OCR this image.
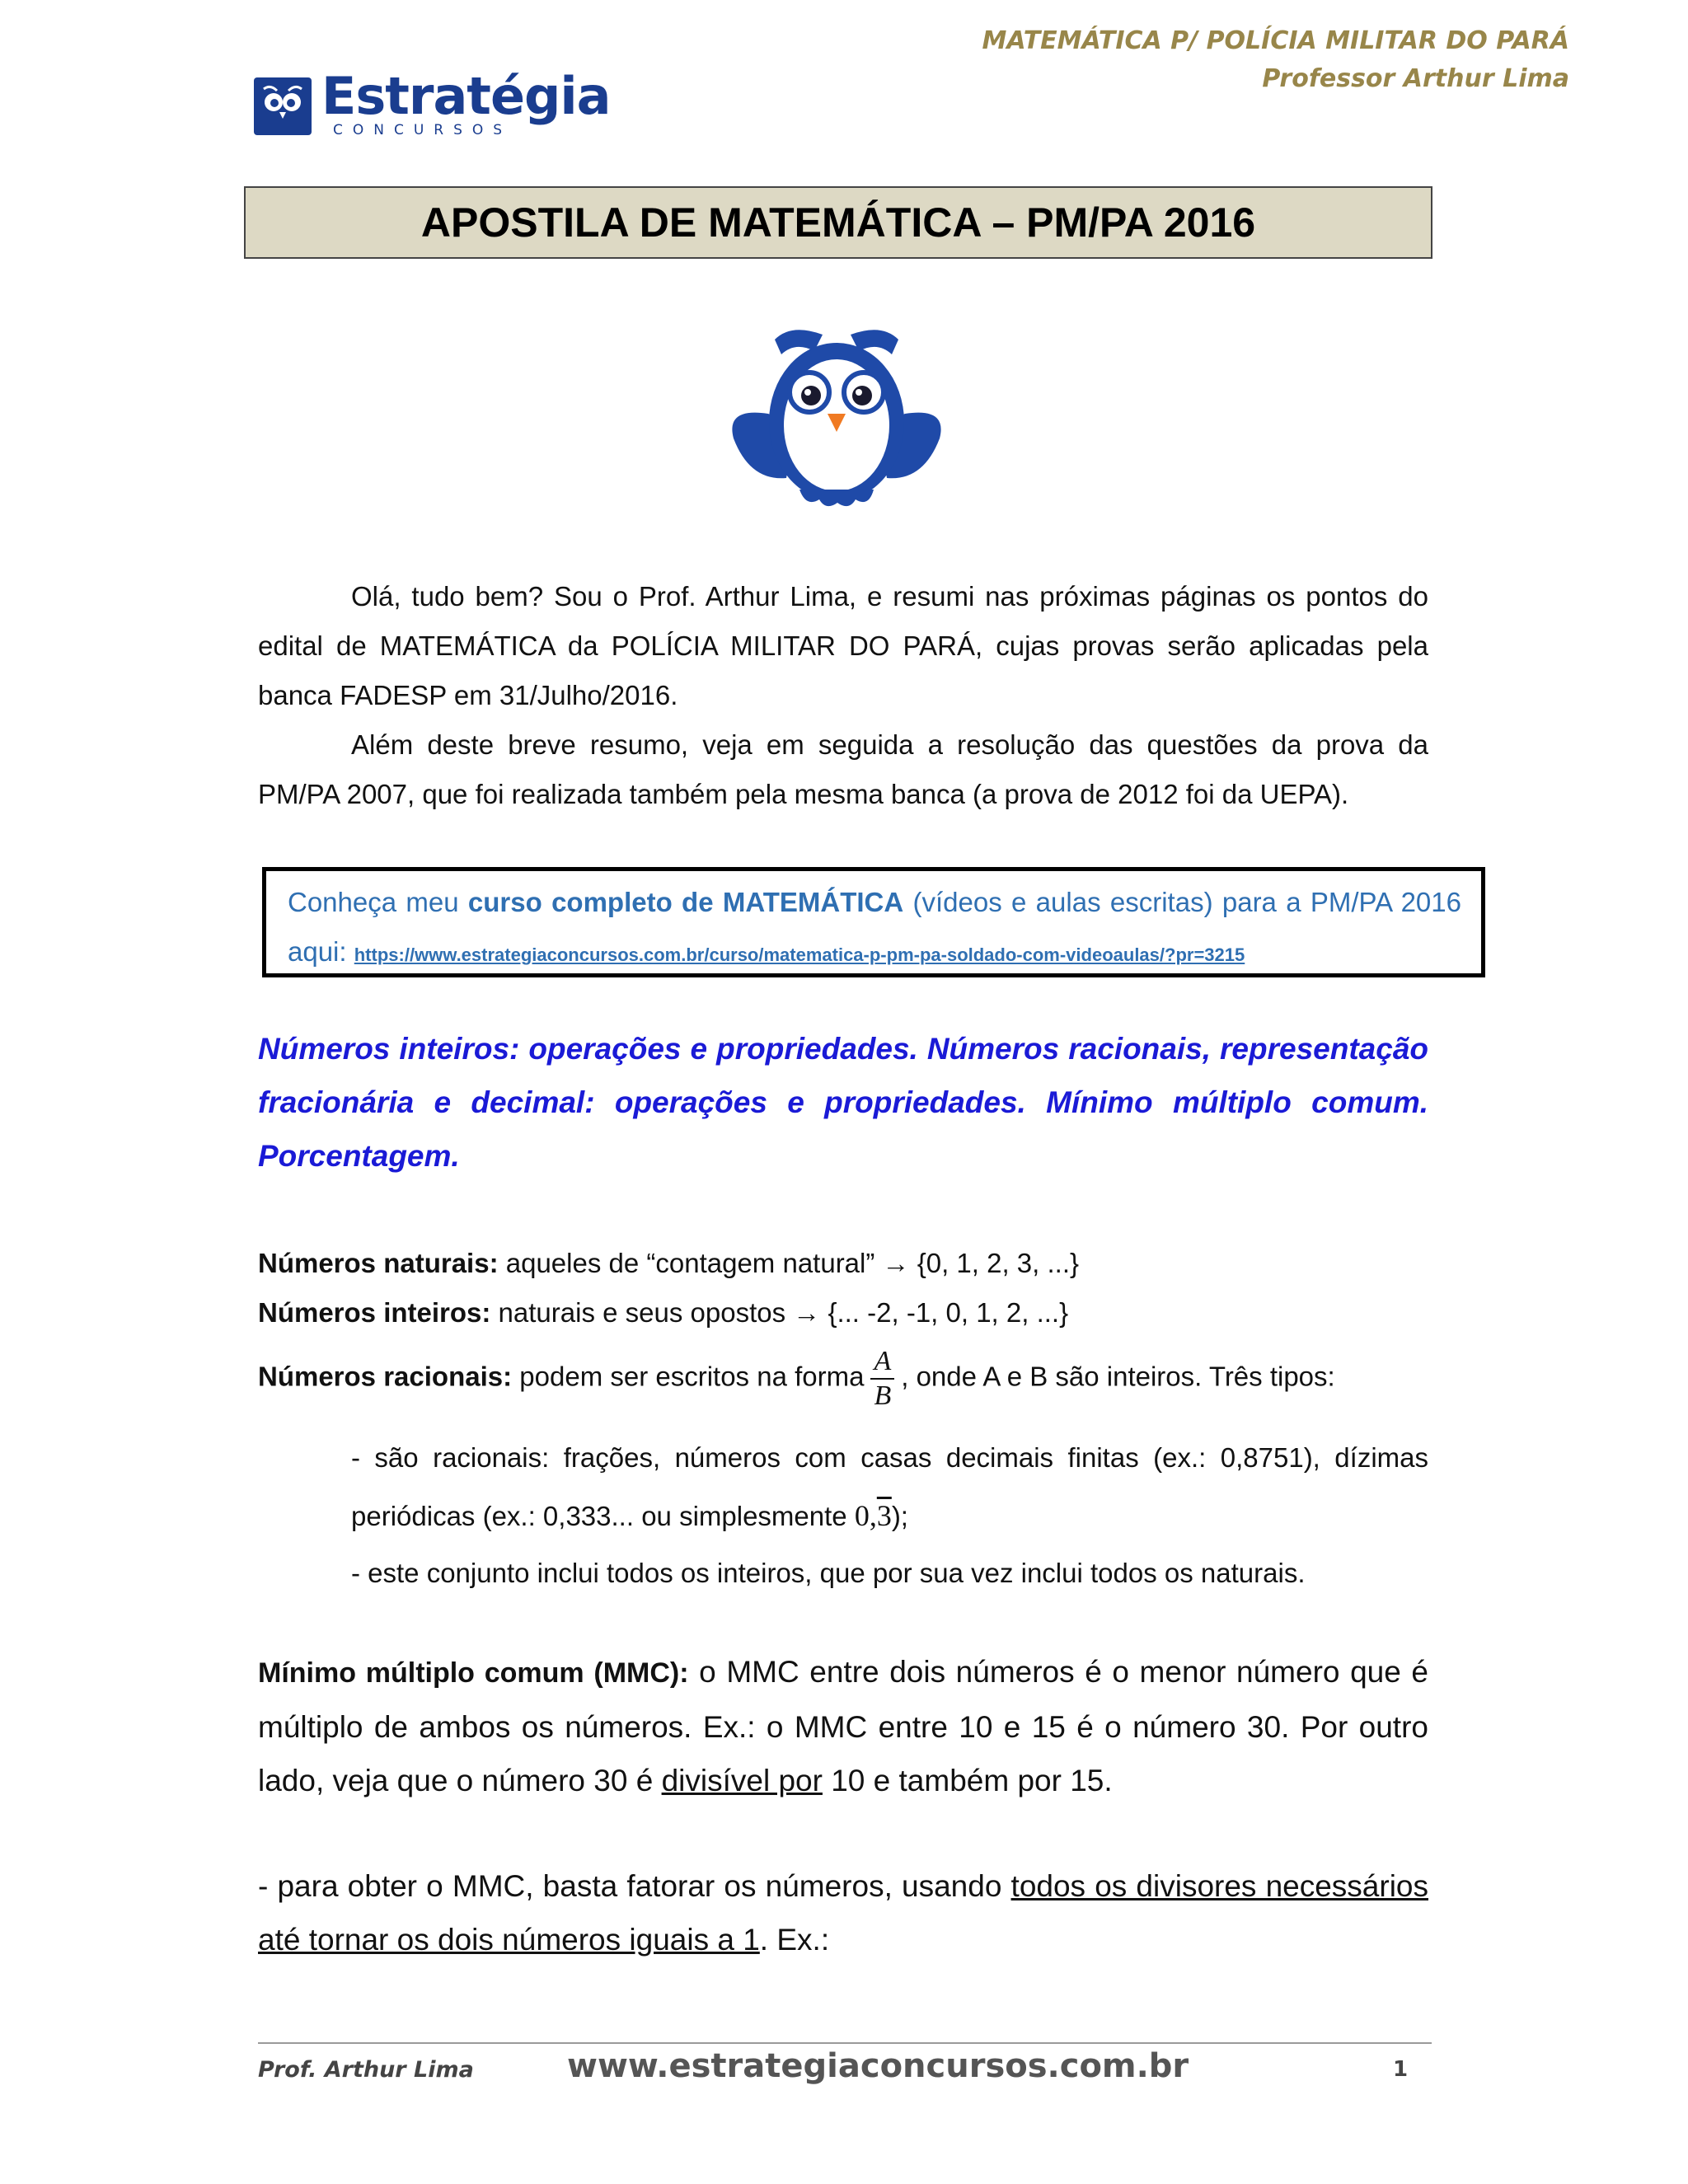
MATEMÁTICA P/ POLÍCIA MILITAR DO PARÁ
Professor Arthur Lima
Estratégia
CONCURSOS
APOSTILA DE MATEMÁTICA – PM/PA 2016
Olá, tudo bem? Sou o Prof. Arthur Lima, e resumi nas próximas páginas os pontos do edital de MATEMÁTICA da POLÍCIA MILITAR DO PARÁ, cujas provas serão aplicadas pela banca FADESP em 31/Julho/2016.
Além deste breve resumo, veja em seguida a resolução das questões da prova da PM/PA 2007, que foi realizada também pela mesma banca (a prova de 2012 foi da UEPA).
Conheça meu curso completo de MATEMÁTICA (vídeos e aulas escritas) para a PM/PA 2016 aqui: https://www.estrategiaconcursos.com.br/curso/matematica-p-pm-pa-soldado-com-videoaulas/?pr=3215
Números inteiros: operações e propriedades. Números racionais, representação fracionária e decimal: operações e propriedades. Mínimo múltiplo comum. Porcentagem.
Números naturais: aqueles de “contagem natural” → {0, 1, 2, 3, ...}
Números inteiros: naturais e seus opostos → {... -2, -1, 0, 1, 2, ...}
Números racionais: podem ser escritos na forma $\frac{A}{B}$ , onde A e B são inteiros. Três tipos:
- são racionais: frações, números com casas decimais finitas (ex.: 0,8751), dízimas periódicas (ex.: 0,333... ou simplesmente 0,3);
- este conjunto inclui todos os inteiros, que por sua vez inclui todos os naturais.
Mínimo múltiplo comum (MMC): o MMC entre dois números é o menor número que é múltiplo de ambos os números. Ex.: o MMC entre 10 e 15 é o número 30. Por outro lado, veja que o número 30 é divisível por 10 e também por 15.
- para obter o MMC, basta fatorar os números, usando todos os divisores necessários até tornar os dois números iguais a 1. Ex.:
Prof. Arthur Lima	www.estrategiaconcursos.com.br	1
